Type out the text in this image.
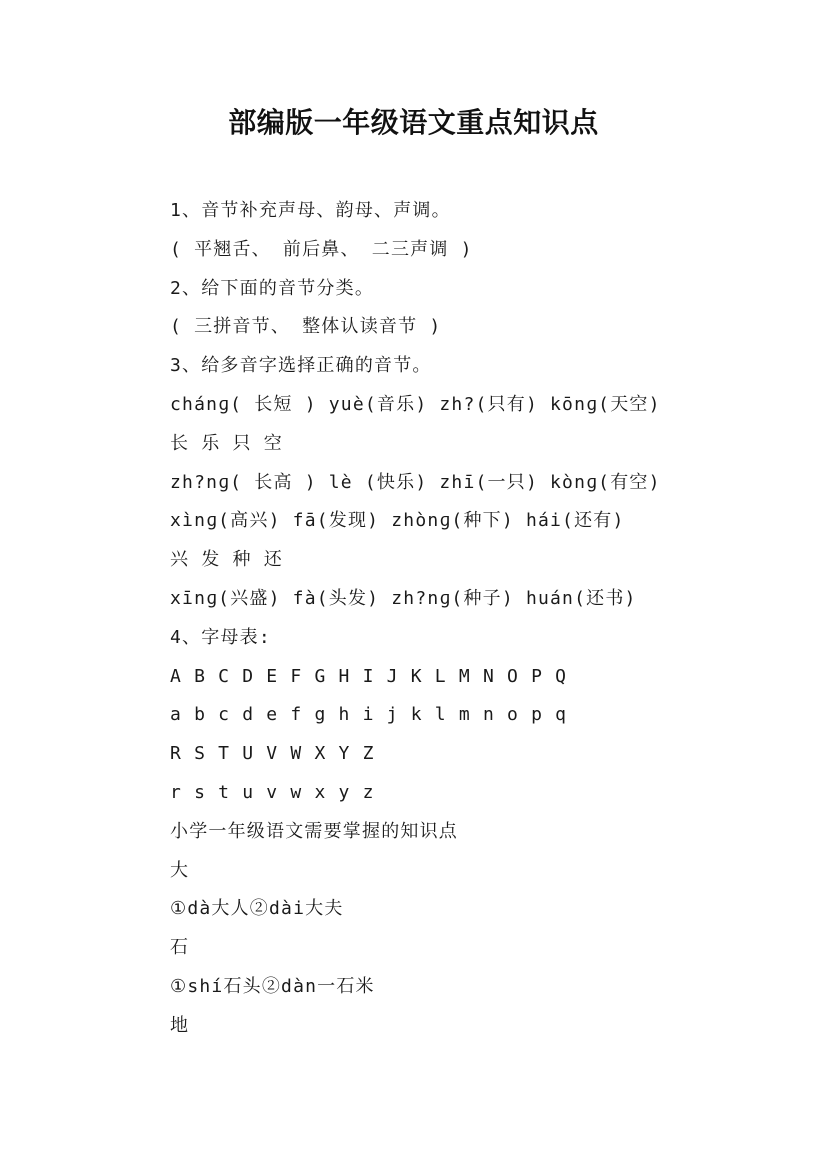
部编版一年级语文重点知识点
1、音节补充声母、韵母、声调。
( 平翘舌、 前后鼻、 二三声调 )
2、给下面的音节分类。
( 三拼音节、 整体认读音节 )
3、给多音字选择正确的音节。
chánɡ( 长短 ) yuè(音乐) zh?(只有) kōnɡ(天空)
长 乐 只 空
zh?nɡ( 长高 ) lè (快乐) zhī(一只) kònɡ(有空)
xìnɡ(高兴) fā(发现) zhònɡ(种下) hái(还有)
兴 发 种 还
xīnɡ(兴盛) fà(头发) zh?nɡ(种子) huán(还书)
4、字母表:
A B C D E F G H I J K L M N O P Q
a b c d e f g h i j k l m n o p q
R S T U V W X Y Z
r s t u v w x y z
小学一年级语文需要掌握的知识点
大
①dà大人②dài大夫
石
①shí石头②dàn一石米
地
